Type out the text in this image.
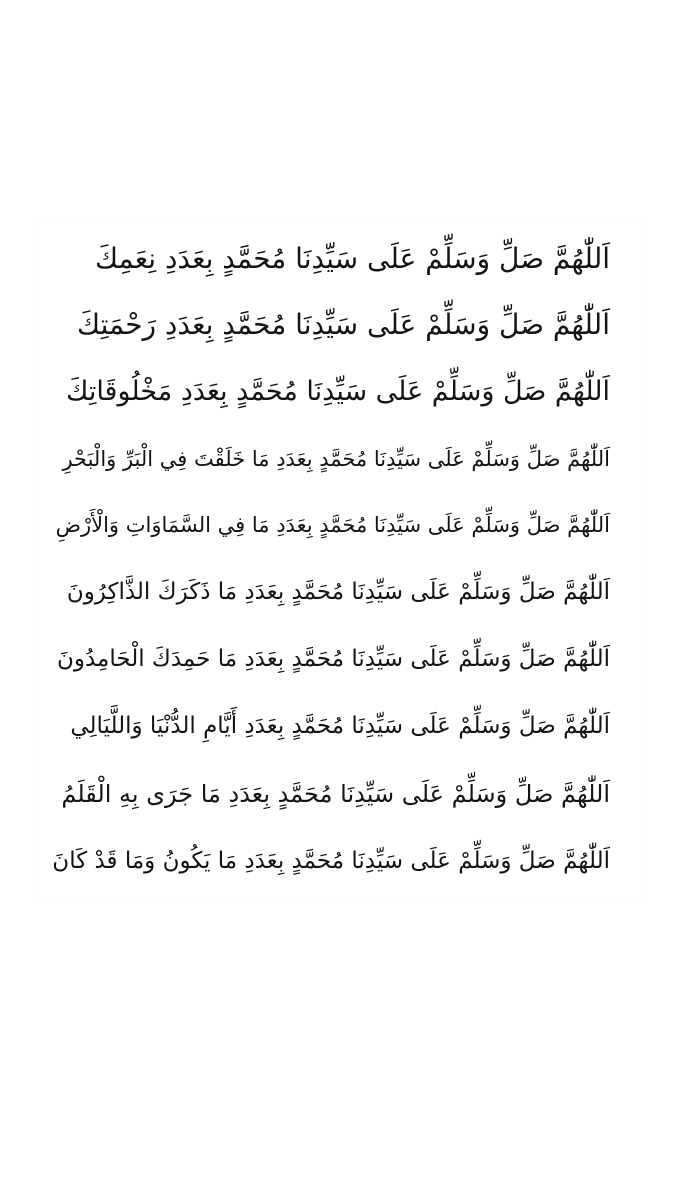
اَللّٰهُمَّ صَلِّ وَسَلِّمْ عَلَى سَيِّدِنَا مُحَمَّدٍ بِعَدَدِ نِعَمِكَ
اَللّٰهُمَّ صَلِّ وَسَلِّمْ عَلَى سَيِّدِنَا مُحَمَّدٍ بِعَدَدِ رَحْمَتِكَ
اَللّٰهُمَّ صَلِّ وَسَلِّمْ عَلَى سَيِّدِنَا مُحَمَّدٍ بِعَدَدِ مَخْلُوقَاتِكَ
اَللّٰهُمَّ صَلِّ وَسَلِّمْ عَلَى سَيِّدِنَا مُحَمَّدٍ بِعَدَدِ مَا خَلَقْتَ فِي الْبَرِّ وَالْبَحْرِ
اَللّٰهُمَّ صَلِّ وَسَلِّمْ عَلَى سَيِّدِنَا مُحَمَّدٍ بِعَدَدِ مَا فِي السَّمَاوَاتِ وَالْأَرْضِ
اَللّٰهُمَّ صَلِّ وَسَلِّمْ عَلَى سَيِّدِنَا مُحَمَّدٍ بِعَدَدِ مَا ذَكَرَكَ الذَّاكِرُونَ
اَللّٰهُمَّ صَلِّ وَسَلِّمْ عَلَى سَيِّدِنَا مُحَمَّدٍ بِعَدَدِ مَا حَمِدَكَ الْحَامِدُونَ
اَللّٰهُمَّ صَلِّ وَسَلِّمْ عَلَى سَيِّدِنَا مُحَمَّدٍ بِعَدَدِ أَيَّامِ الدُّنْيَا وَاللَّيَالِي
اَللّٰهُمَّ صَلِّ وَسَلِّمْ عَلَى سَيِّدِنَا مُحَمَّدٍ بِعَدَدِ مَا جَرَى بِهِ الْقَلَمُ
اَللّٰهُمَّ صَلِّ وَسَلِّمْ عَلَى سَيِّدِنَا مُحَمَّدٍ بِعَدَدِ مَا يَكُونُ وَمَا قَدْ كَانَ
